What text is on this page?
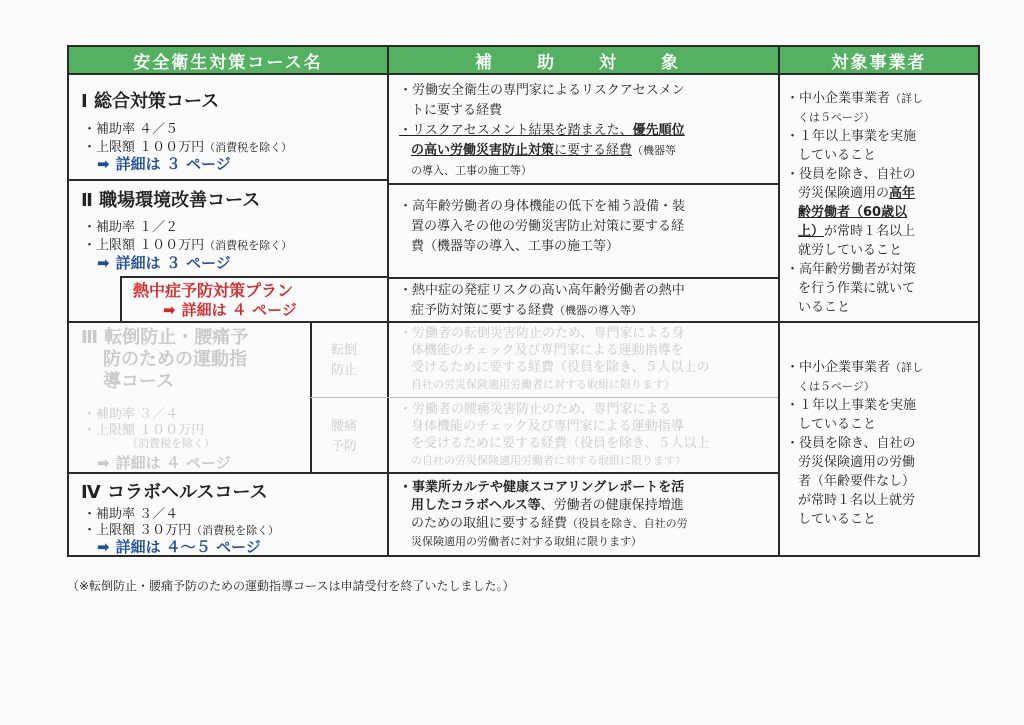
安全衛生対策コース名	補　助　対　象	対象事業者
Ⅰ 総合対策コース
・補助率 ４／５
・上限額 １００万円（消費税を除く）
➡ 詳細は ３ ページ
・労働安全衛生の専門家によるリスクアセスメン
トに要する経費
・リスクアセスメント結果を踏まえた、優先順位
の高い労働災害防止対策に要する経費（機器等
の導入、工事の施工等）
Ⅱ 職場環境改善コース
・補助率 １／２
・上限額 １００万円（消費税を除く）
➡ 詳細は ３ ページ
・高年齢労働者の身体機能の低下を補う設備・装
置の導入その他の労働災害防止対策に要する経
費（機器等の導入、工事の施工等）
熱中症予防対策プラン
➡ 詳細は ４ ページ
・熱中症の発症リスクの高い高年齢労働者の熱中
症予防対策に要する経費（機器の導入等）
・中小企業事業者（詳し
くは５ページ）
・１年以上事業を実施
していること
・役員を除き、自社の
労災保険適用の高年
齢労働者（60歳以
上）が常時１名以上
就労していること
・高年齢労働者が対策
を行う作業に就いて
いること
Ⅲ 転倒防止・腰痛予
防のための運動指
導コース
・補助率 ３／４
・上限額 １００万円
（消費税を除く）
➡ 詳細は ４ ページ
転倒
防止
腰痛
予防
・労働者の転倒災害防止のため、専門家による身
体機能のチェック及び専門家による運動指導を
受けるために要する経費（役員を除き、５人以上の
自社の労災保険適用労働者に対する取組に限ります）
・労働者の腰痛災害防止のため、専門家による
身体機能のチェック及び専門家による運動指導
を受けるために要する経費（役員を除き、５人以上
の自社の労災保険適用労働者に対する取組に限ります）
・中小企業事業者（詳し
くは５ページ）
・１年以上事業を実施
していること
・役員を除き、自社の
労災保険適用の労働
者（年齢要件なし）
が常時１名以上就労
していること
Ⅳ コラボヘルスコース
・補助率 ３／４
・上限額 ３０万円（消費税を除く）
➡ 詳細は ４～５ ページ
・事業所カルテや健康スコアリングレポートを活
用したコラボヘルス等、労働者の健康保持増進
のための取組に要する経費（役員を除き、自社の労
災保険適用の労働者に対する取組に限ります）
（※転倒防止・腰痛予防のための運動指導コースは申請受付を終了いたしました。）
